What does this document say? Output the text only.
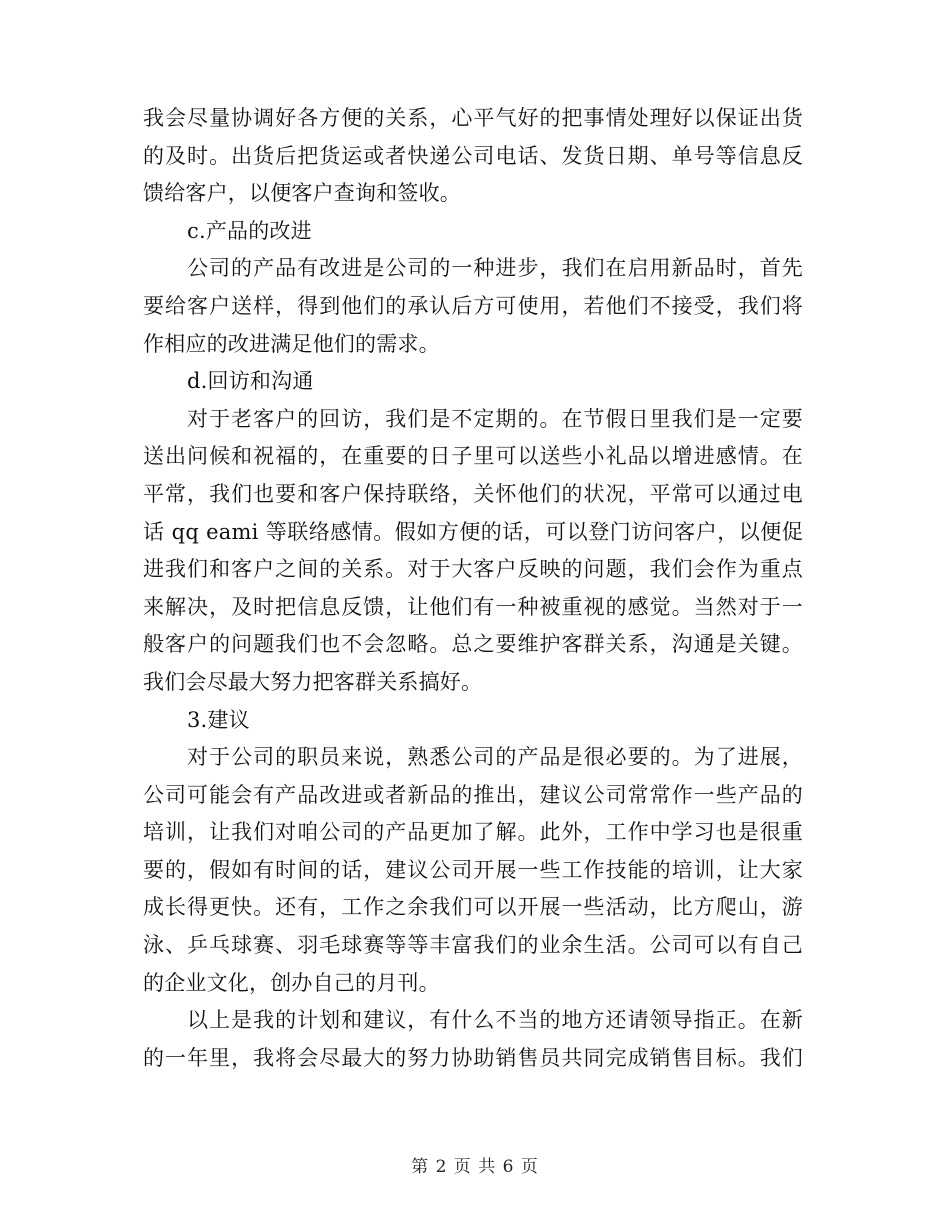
我会尽量协调好各方便的关系，心平气好的把事情处理好以保证出货
的及时。出货后把货运或者快递公司电话、发货日期、单号等信息反
馈给客户，以便客户查询和签收。
c.产品的改进
公司的产品有改进是公司的一种进步，我们在启用新品时，首先
要给客户送样，得到他们的承认后方可使用，若他们不接受，我们将
作相应的改进满足他们的需求。
d.回访和沟通
对于老客户的回访，我们是不定期的。在节假日里我们是一定要
送出问候和祝福的，在重要的日子里可以送些小礼品以增进感情。在
平常，我们也要和客户保持联络，关怀他们的状况，平常可以通过电
话 qq eami 等联络感情。假如方便的话，可以登门访问客户，以便促
进我们和客户之间的关系。对于大客户反映的问题，我们会作为重点
来解决，及时把信息反馈，让他们有一种被重视的感觉。当然对于一
般客户的问题我们也不会忽略。总之要维护客群关系，沟通是关键。
我们会尽最大努力把客群关系搞好。
3.建议
对于公司的职员来说，熟悉公司的产品是很必要的。为了进展，
公司可能会有产品改进或者新品的推出，建议公司常常作一些产品的
培训，让我们对咱公司的产品更加了解。此外，工作中学习也是很重
要的，假如有时间的话，建议公司开展一些工作技能的培训，让大家
成长得更快。还有，工作之余我们可以开展一些活动，比方爬山，游
泳、乒乓球赛、羽毛球赛等等丰富我们的业余生活。公司可以有自己
的企业文化，创办自己的月刊。
以上是我的计划和建议，有什么不当的地方还请领导指正。在新
的一年里，我将会尽最大的努力协助销售员共同完成销售目标。我们
第 2 页 共 6 页
